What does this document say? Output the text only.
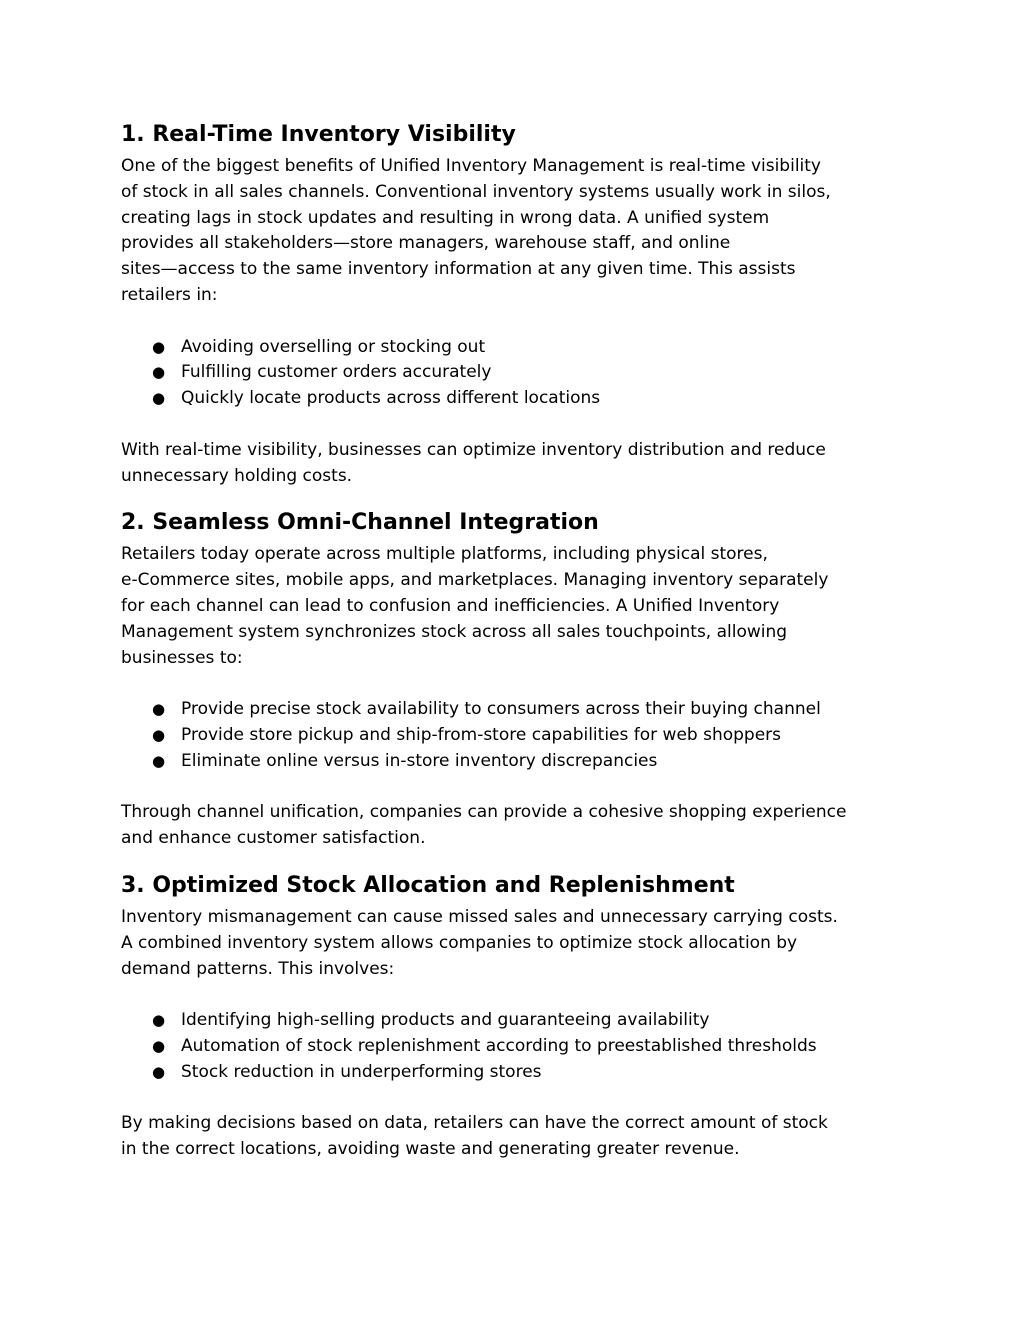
1. Real-Time Inventory Visibility

One of the biggest benefits of Unified Inventory Management is real-time visibility
of stock in all sales channels. Conventional inventory systems usually work in silos,
creating lags in stock updates and resulting in wrong data. A unified system
provides all stakeholders—store managers, warehouse staff, and online
sites—access to the same inventory information at any given time. This assists
retailers in:

● Avoiding overselling or stocking out
● Fulfilling customer orders accurately
● Quickly locate products across different locations

With real-time visibility, businesses can optimize inventory distribution and reduce
unnecessary holding costs.

2. Seamless Omni-Channel Integration

Retailers today operate across multiple platforms, including physical stores,
e-Commerce sites, mobile apps, and marketplaces. Managing inventory separately
for each channel can lead to confusion and inefficiencies. A Unified Inventory
Management system synchronizes stock across all sales touchpoints, allowing
businesses to:

● Provide precise stock availability to consumers across their buying channel
● Provide store pickup and ship-from-store capabilities for web shoppers
● Eliminate online versus in-store inventory discrepancies

Through channel unification, companies can provide a cohesive shopping experience
and enhance customer satisfaction.

3. Optimized Stock Allocation and Replenishment

Inventory mismanagement can cause missed sales and unnecessary carrying costs.
A combined inventory system allows companies to optimize stock allocation by
demand patterns. This involves:

● Identifying high-selling products and guaranteeing availability
● Automation of stock replenishment according to preestablished thresholds
● Stock reduction in underperforming stores

By making decisions based on data, retailers can have the correct amount of stock
in the correct locations, avoiding waste and generating greater revenue.
